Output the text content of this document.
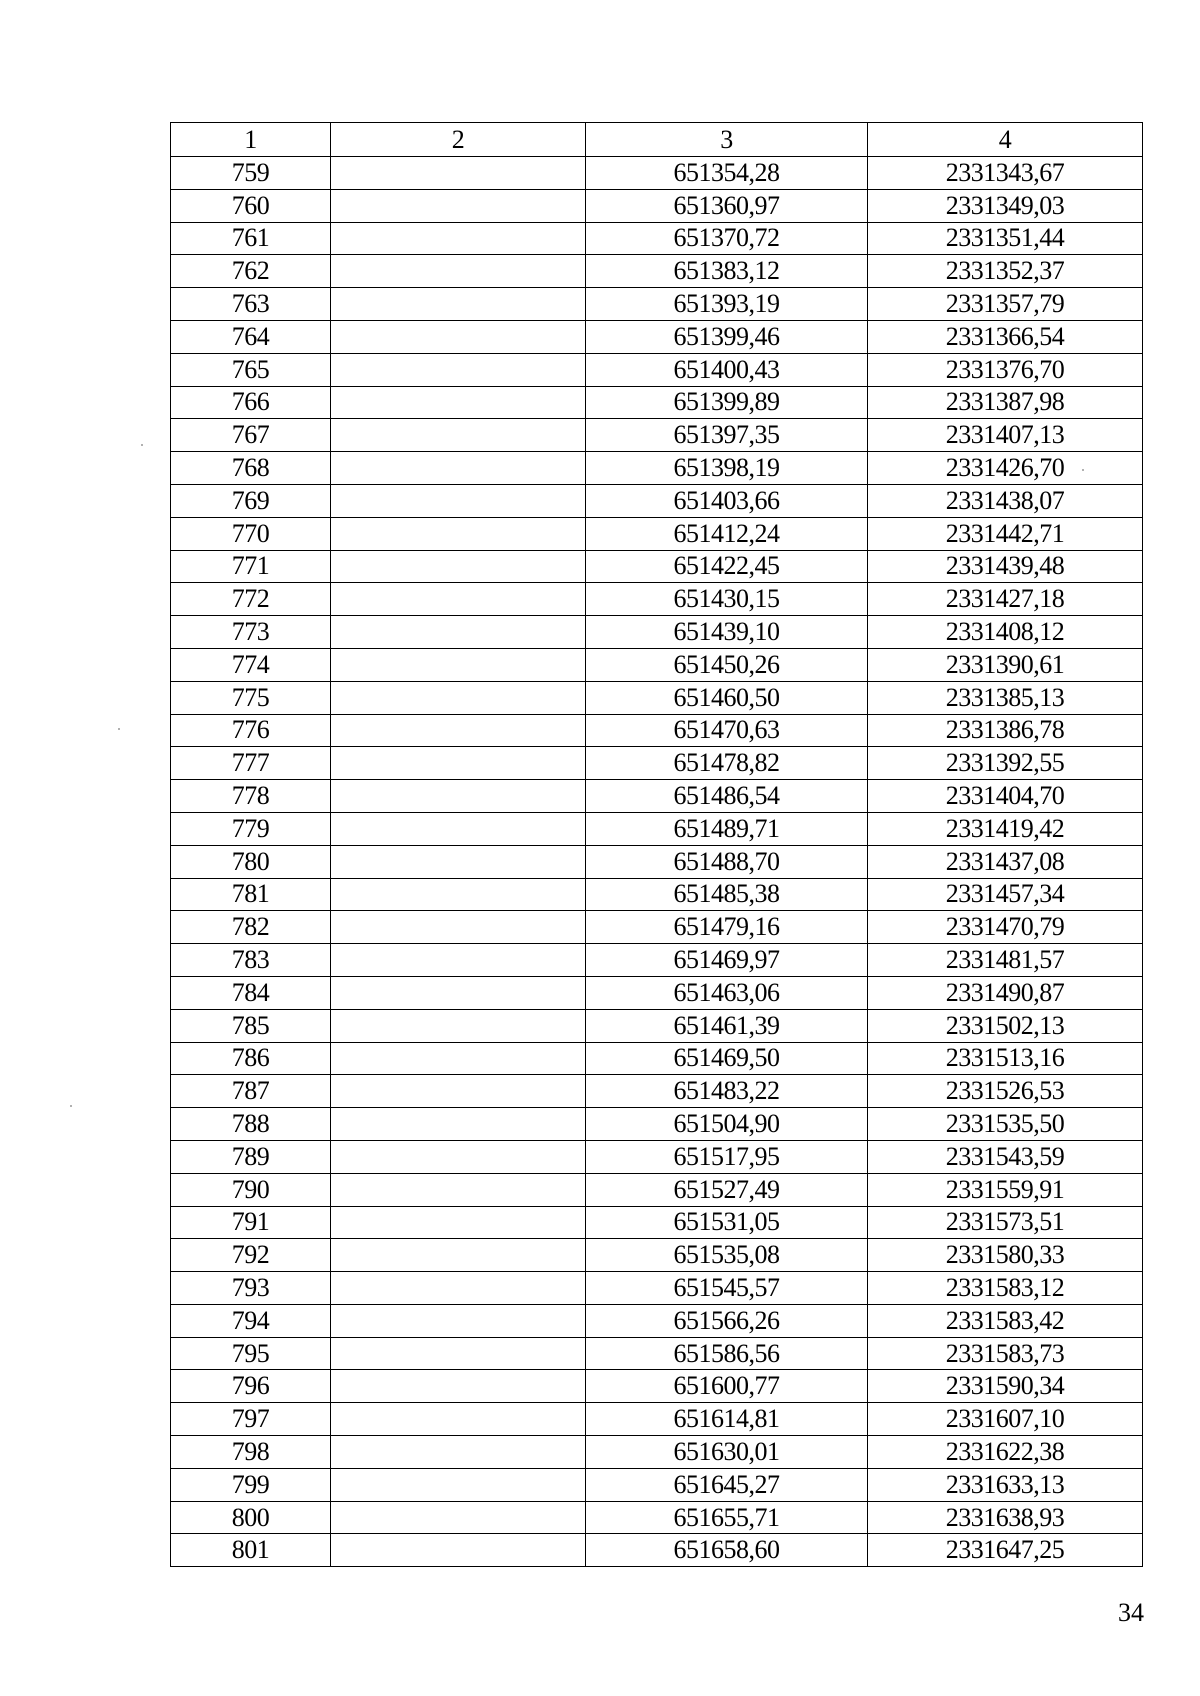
1	2	3	4
759		651354,28	2331343,67
760		651360,97	2331349,03
761		651370,72	2331351,44
762		651383,12	2331352,37
763		651393,19	2331357,79
764		651399,46	2331366,54
765		651400,43	2331376,70
766		651399,89	2331387,98
767		651397,35	2331407,13
768		651398,19	2331426,70
769		651403,66	2331438,07
770		651412,24	2331442,71
771		651422,45	2331439,48
772		651430,15	2331427,18
773		651439,10	2331408,12
774		651450,26	2331390,61
775		651460,50	2331385,13
776		651470,63	2331386,78
777		651478,82	2331392,55
778		651486,54	2331404,70
779		651489,71	2331419,42
780		651488,70	2331437,08
781		651485,38	2331457,34
782		651479,16	2331470,79
783		651469,97	2331481,57
784		651463,06	2331490,87
785		651461,39	2331502,13
786		651469,50	2331513,16
787		651483,22	2331526,53
788		651504,90	2331535,50
789		651517,95	2331543,59
790		651527,49	2331559,91
791		651531,05	2331573,51
792		651535,08	2331580,33
793		651545,57	2331583,12
794		651566,26	2331583,42
795		651586,56	2331583,73
796		651600,77	2331590,34
797		651614,81	2331607,10
798		651630,01	2331622,38
799		651645,27	2331633,13
800		651655,71	2331638,93
801		651658,60	2331647,25
34
